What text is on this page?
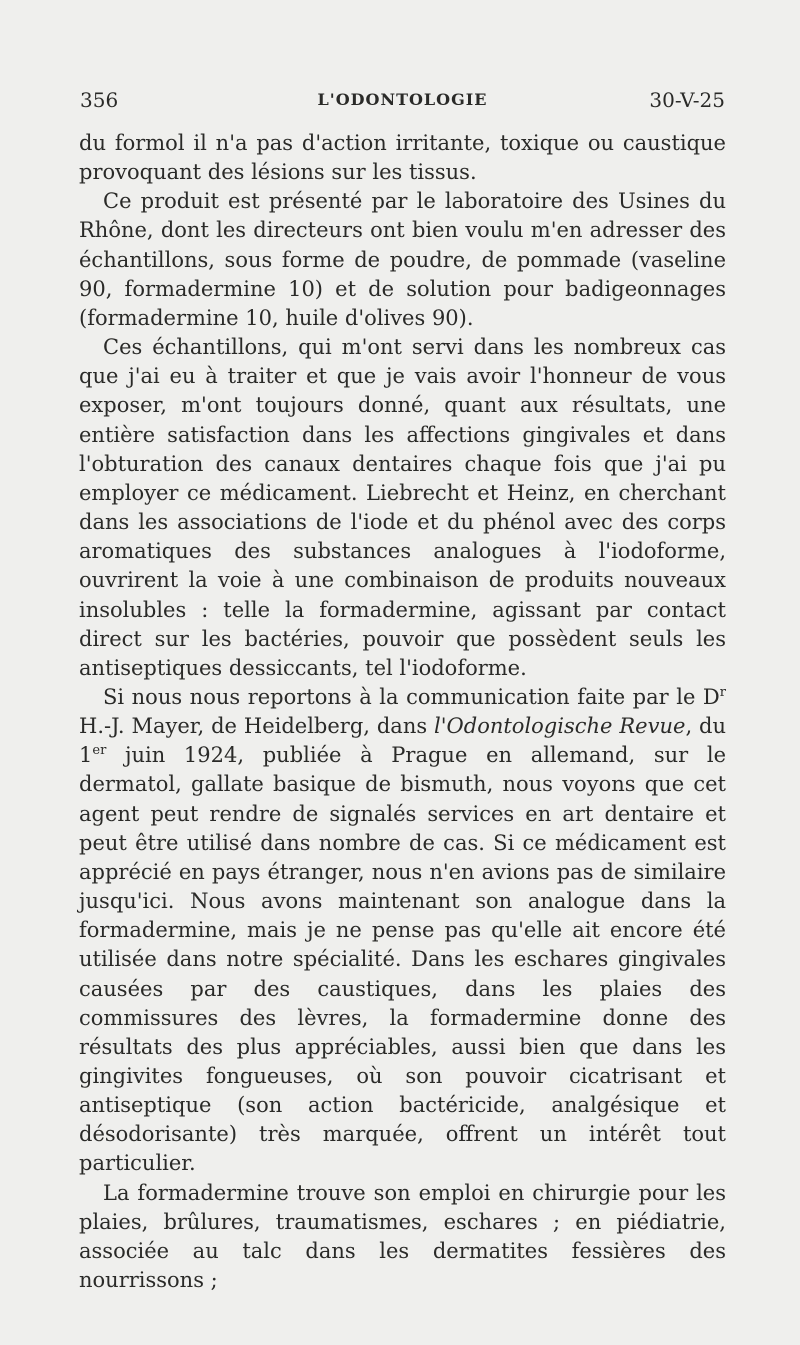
356	L'ODONTOLOGIE	30-V-25

du formol il n'a pas d'action irritante, toxique ou caustique provoquant des lésions sur les tissus.

Ce produit est présenté par le laboratoire des Usines du Rhône, dont les directeurs ont bien voulu m'en adresser des échantillons, sous forme de poudre, de pommade (vaseline 90, formadermine 10) et de solution pour badigeonnages (formadermine 10, huile d'olives 90).

Ces échantillons, qui m'ont servi dans les nombreux cas que j'ai eu à traiter et que je vais avoir l'honneur de vous exposer, m'ont toujours donné, quant aux résultats, une entière satisfaction dans les affections gingivales et dans l'obturation des canaux dentaires chaque fois que j'ai pu employer ce médicament. Liebrecht et Heinz, en cherchant dans les associations de l'iode et du phénol avec des corps aromatiques des substances analogues à l'iodoforme, ouvrirent la voie à une combinaison de produits nouveaux insolubles : telle la formadermine, agissant par contact direct sur les bactéries, pouvoir que possèdent seuls les antiseptiques dessiccants, tel l'iodoforme.

Si nous nous reportons à la communication faite par le $D^r$ H.-J. Mayer, de Heidelberg, dans l'Odontologische Revue, du 1er juin 1924, publiée à Prague en allemand, sur le dermatol, gallate basique de bismuth, nous voyons que cet agent peut rendre de signalés services en art dentaire et peut être utilisé dans nombre de cas. Si ce médicament est apprécié en pays étranger, nous n'en avions pas de similaire jusqu'ici. Nous avons maintenant son analogue dans la formadermine, mais je ne pense pas qu'elle ait encore été utilisée dans notre spécialité. Dans les eschares gingivales causées par des caustiques, dans les plaies des commissures des lèvres, la formadermine donne des résultats des plus appréciables, aussi bien que dans les gingivites fongueuses, où son pouvoir cicatrisant et antiseptique (son action bactéricide, analgésique et désodorisante) très marquée, offrent un intérêt tout particulier.

La formadermine trouve son emploi en chirurgie pour les plaies, brûlures, traumatismes, eschares ; en piédiatrie, associée au talc dans les dermatites fessières des nourrissons ;
